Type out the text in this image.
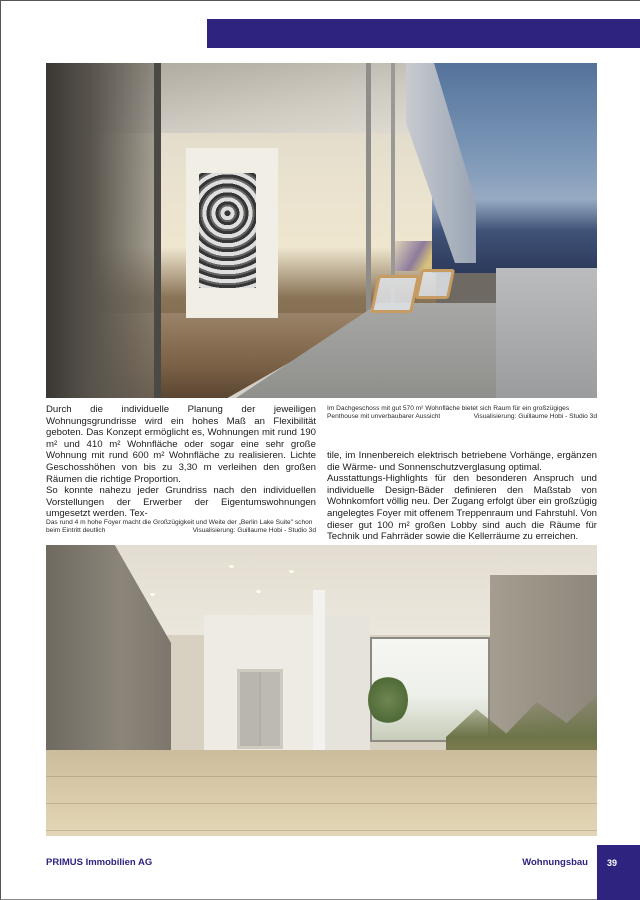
Im Dachgeschoss mit gut 570 m² Wohnfläche bietet sich Raum für ein großzügiges Penthouse mit unverbaubarer Aussicht	Visualisierung: Guillaume Hobi - Studio 3d

Durch die individuelle Planung der jeweiligen Wohnungsgrundrisse wird ein hohes Maß an Flexibilität geboten. Das Konzept ermöglicht es, Wohnungen mit rund 190 m² und 410 m² Wohnfläche oder sogar eine sehr große Wohnung mit rund 600 m² Wohnfläche zu realisieren. Lichte Geschosshöhen von bis zu 3,30 m verleihen den großen Räumen die richtige Proportion.

So konnte nahezu jeder Grundriss nach den individuellen Vorstellungen der Erwerber der Eigentumswohnungen umgesetzt werden. Tex-

Das rund 4 m hohe Foyer macht die Großzügigkeit und Weite der „Berlin Lake Suite" schon beim Eintritt deutlich	Visualisierung: Guillaume Hobi - Studio 3d

tile, im Innenbereich elektrisch betriebene Vorhänge, ergänzen die Wärme- und Sonnenschutzverglasung optimal.

Ausstattungs-Highlights für den besonderen Anspruch und individuelle Design-Bäder definieren den Maßstab von Wohnkomfort völlig neu. Der Zugang erfolgt über ein großzügig angelegtes Foyer mit offenem Treppenraum und Fahrstuhl. Von dieser gut 100 m² großen Lobby sind auch die Räume für Technik und Fahrräder sowie die Kellerräume zu erreichen.

PRIMUS Immobilien AG	Wohnungsbau	39
